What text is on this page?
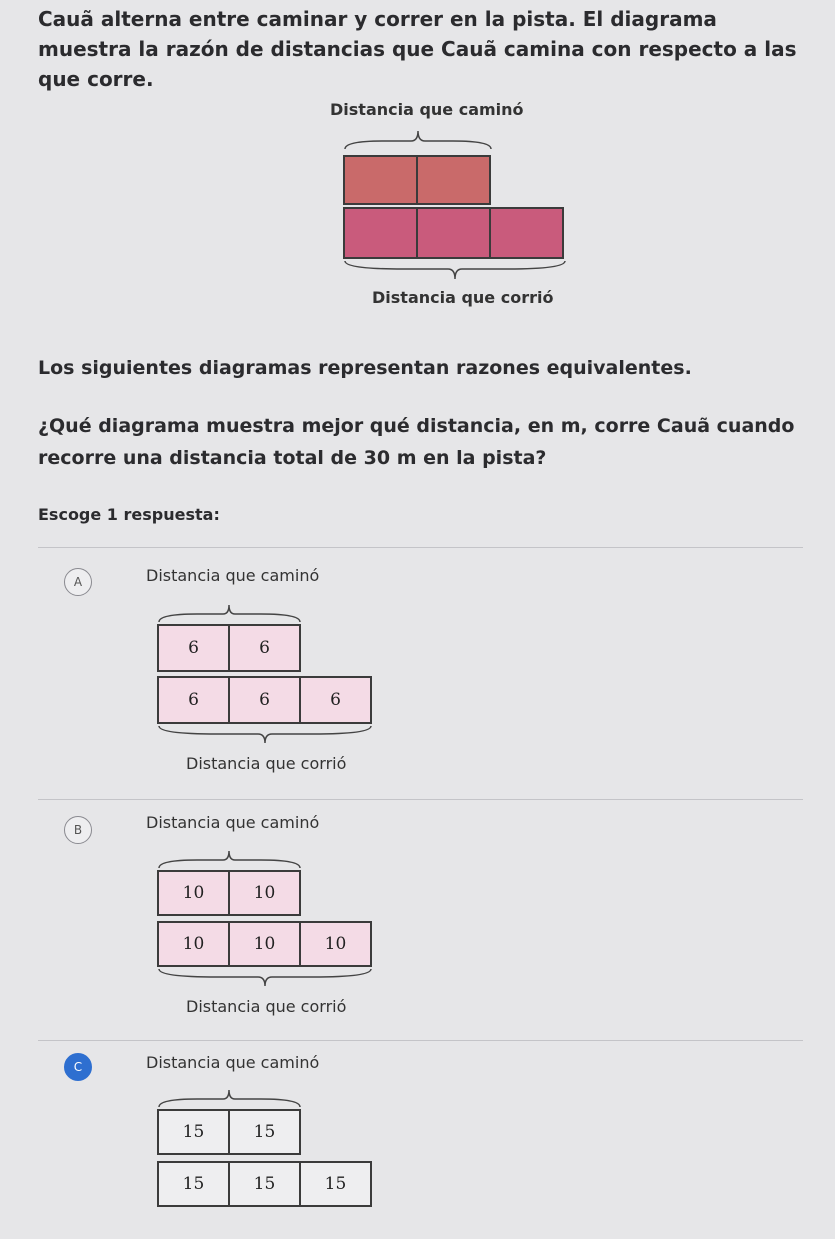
Cauã alterna entre caminar y correr en la pista. El diagrama muestra la razón de distancias que Cauã camina con respecto a las que corre.
Distancia que caminó
Distancia que corrió
Los siguientes diagramas representan razones equivalentes.
¿Qué diagrama muestra mejor qué distancia, en m, corre Cauã cuando recorre una distancia total de 30 m en la pista?
Escoge 1 respuesta:
A	Distancia que caminó
6	6
6	6	6
Distancia que corrió
B	Distancia que caminó
10	10
10	10	10
Distancia que corrió
C	Distancia que caminó
15	15
15	15	15
